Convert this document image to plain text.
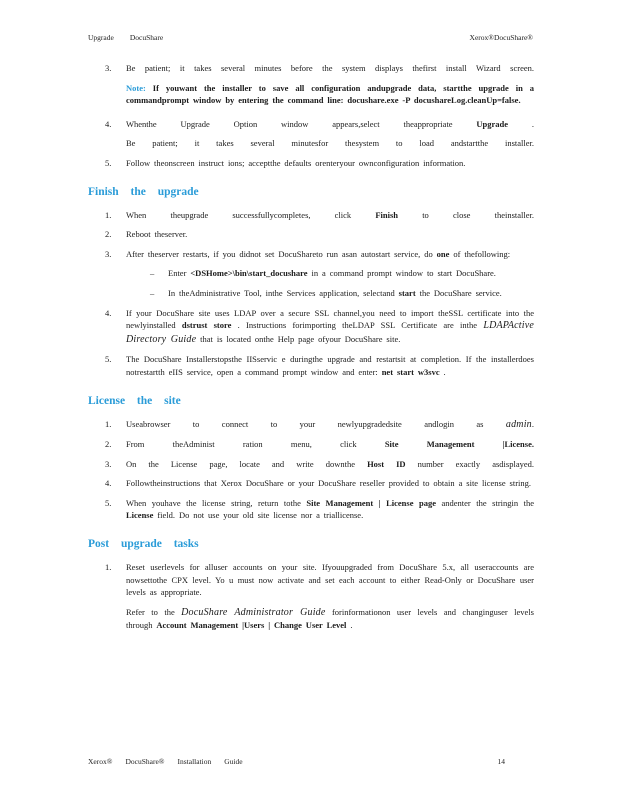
Upgrade DocuShare	Xerox®DocuShare®
3.	Be patient; it takes several minutes before the system displays thefirst install Wizard screen.

Note: If youwant the installer to save all configuration andupgrade data, startthe upgrade in a commandprompt window by entering the command line: docushare.exe -P docushareLog.cleanUp=false.

4.	Whenthe Upgrade Option window appears,select theappropriate Upgrade .

Be patient; it takes several minutesfor thesystem to load andstartthe installer.

5.	Follow theonscreen instruct ions; acceptthe defaults orenteryour ownconfiguration information.

Finish the upgrade
1.	When theupgrade successfullycompletes, click Finish to close theinstaller.

2.	Reboot theserver.

3.	After theserver restarts, if you didnot set DocuShareto run asan autostart service, do one of thefollowing:

–	Enter <DSHome>\bin\start_docushare in a command prompt window to start DocuShare.

–	In theAdministrative Tool, inthe Services application, selectand start the DocuShare service.

4.	If your DocuShare site uses LDAP over a secure SSL channel,you need to import theSSL certificate into the newlyinstalled dstrust store . Instructions forimporting theLDAP SSL Certificate are inthe LDAPActive Directory Guide that is located onthe Help page ofyour DocuShare site.

5.	The DocuShare Installerstopsthe IISservic e duringthe upgrade and restartsit at completion. If the installerdoes notrestartth eIIS service, open a command prompt window and enter: net start w3svc .

License the site
1.	Useabrowser to connect to your newlyupgradedsite andlogin as admin.

2.	From theAdminist ration menu, click Site Management |License.

3.	On the License page, locate and write downthe Host ID number exactly asdisplayed.

4.	Followtheinstructions that Xerox DocuShare or your DocuShare reseller provided to obtain a site license string.

5.	When youhave the license string, return tothe Site Management | License page andenter the stringin the License field. Do not use your old site license nor a triallicense.

Post upgrade tasks
1.	Reset userlevels for alluser accounts on your site. Ifyouupgraded from DocuShare 5.x, all useraccounts are nowsettothe CPX level. Yo u must now activate and set each account to either Read-Only or DocuShare user levels as appropriate.

Refer to the DocuShare Administrator Guide forinformationon user levels and changinguser levels through Account Management |Users | Change User Level .

Xerox® DocuShare® Installation Guide	14
